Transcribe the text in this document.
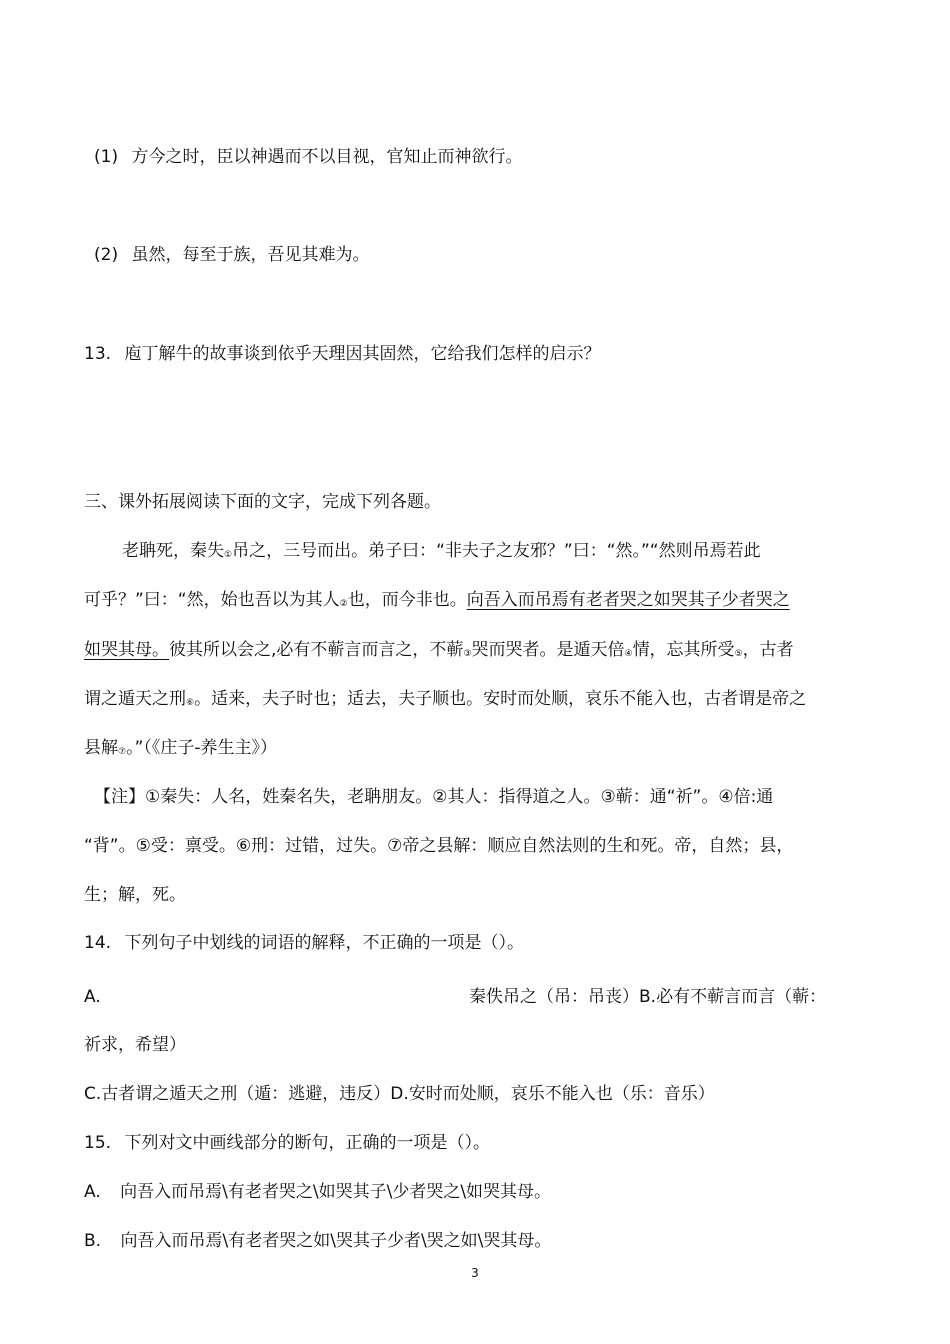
(1) 方今之时，臣以神遇而不以目视，官知止而神欲行。
(2) 虽然，每至于族，吾见其难为。
13. 庖丁解牛的故事谈到依乎天理因其固然，它给我们怎样的启示？
三、课外拓展阅读下面的文字，完成下列各题。
老聃死，秦失①吊之，三号而出。弟子曰：“非夫子之友邪？”曰：“然。”“然则吊焉若此
可乎？”曰：“然，始也吾以为其人②也，而今非也。向吾入而吊焉有老者哭之如哭其子少者哭之
如哭其母。彼其所以会之,必有不蕲言而言之，不蕲③哭而哭者。是遁天倍④情，忘其所受⑤，古者
谓之遁天之刑⑥。适来，夫子时也；适去，夫子顺也。安时而处顺，哀乐不能入也，古者谓是帝之
县解⑦。”（《庄子-养生主》）
【注】①秦失：人名，姓秦名失，老聃朋友。②其人：指得道之人。③蕲：通“祈”。④倍:通
“背”。⑤受：禀受。⑥刑：过错，过失。⑦帝之县解：顺应自然法则的生和死。帝，自然；县，
生；解，死。
14. 下列句子中划线的词语的解释，不正确的一项是（）。
A.	秦佚吊之（吊：吊丧）B.必有不蕲言而言（蕲：
祈求，希望）
C.古者谓之遁天之刑（遁：逃避，违反）D.安时而处顺，哀乐不能入也（乐：音乐）
15. 下列对文中画线部分的断句，正确的一项是（）。
A. 向吾入而吊焉\有老者哭之\如哭其子\少者哭之\如哭其母。
B. 向吾入而吊焉\有老者哭之如\哭其子少者\哭之如\哭其母。
3
